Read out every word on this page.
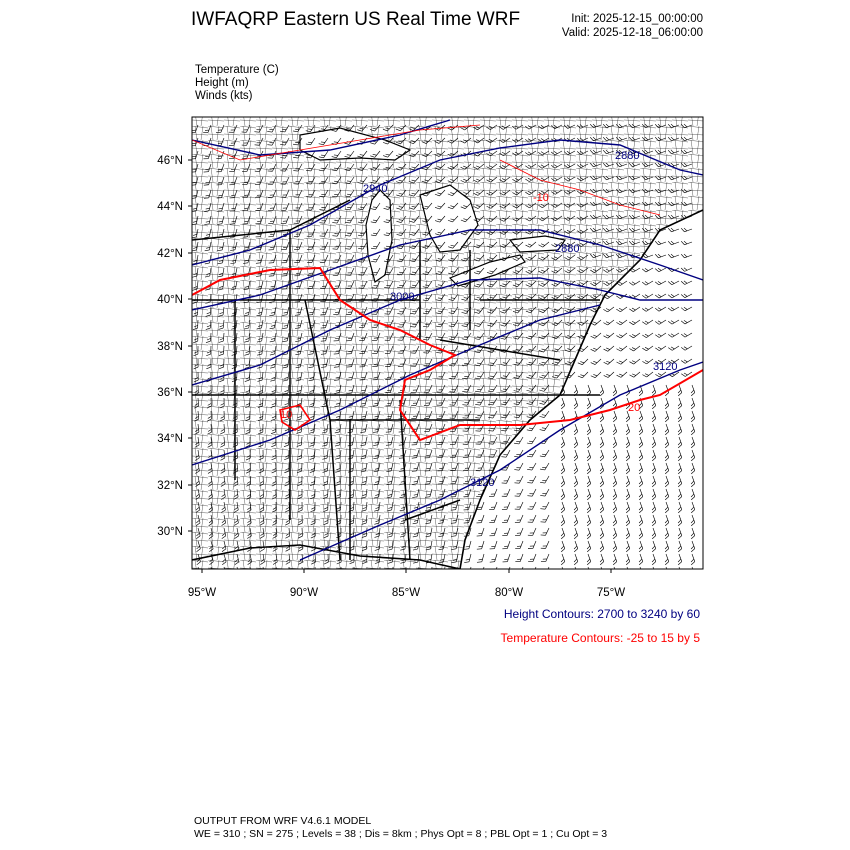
IWFAQRP Eastern US Real Time WRF	Init: 2025-12-15_00:00:00
Valid: 2025-12-18_06:00:00
Temperature (C)
Height (m)
Winds (kts)
2880
2940
2880
3000
3120
3120
-10
10
20
46°N
44°N
42°N
40°N
38°N
36°N
34°N
32°N
30°N
95°W	90°W	85°W	80°W	75°W
Height Contours: 2700 to 3240 by 60
Temperature Contours: -25 to 15 by 5
OUTPUT FROM WRF V4.6.1 MODEL
WE = 310 ; SN = 275 ; Levels = 38 ; Dis = 8km ; Phys Opt = 8 ; PBL Opt = 1 ; Cu Opt = 3
